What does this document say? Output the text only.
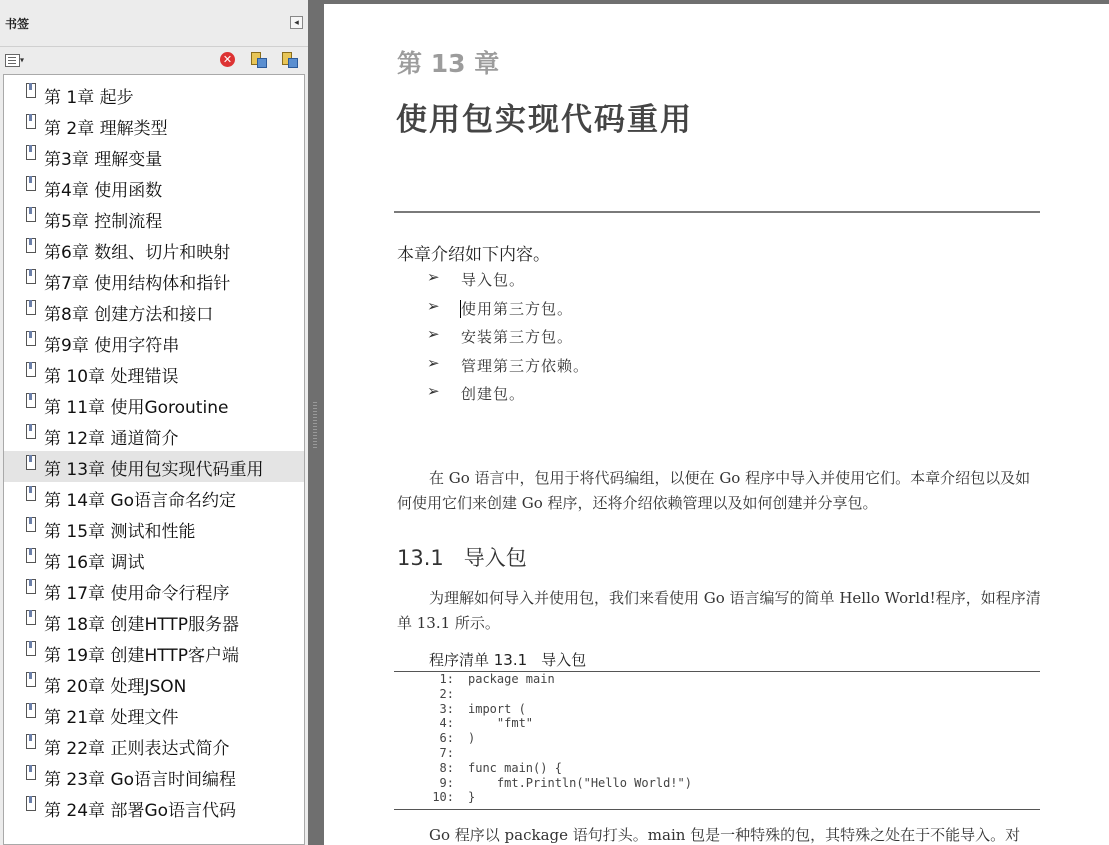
书签	◂
▾	✕
第 1章 起步
第 2章 理解类型
第3章 理解变量
第4章 使用函数
第5章 控制流程
第6章 数组、切片和映射
第7章 使用结构体和指针
第8章 创建方法和接口
第9章 使用字符串
第 10章 处理错误
第 11章 使用Goroutine
第 12章 通道简介
第 13章 使用包实现代码重用
第 14章 Go语言命名约定
第 15章 测试和性能
第 16章 调试
第 17章 使用命令行程序
第 18章 创建HTTP服务器
第 19章 创建HTTP客户端
第 20章 处理JSON
第 21章 处理文件
第 22章 正则表达式简介
第 23章 Go语言时间编程
第 24章 部署Go语言代码
第 13 章
使用包实现代码重用
本章介绍如下内容。
➢ 导入包。
➢ 使用第三方包。
➢ 安装第三方包。
➢ 管理第三方依赖。
➢ 创建包。
在 Go 语言中，包用于将代码编组，以便在 Go 程序中导入并使用它们。本章介绍包以及如何使用它们来创建 Go 程序，还将介绍依赖管理以及如何创建并分享包。
13.1 导入包
为理解如何导入并使用包，我们来看使用 Go 语言编写的简单 Hello World!程序，如程序清单 13.1 所示。
程序清单 13.1 导入包
1: package main
2:
3: import (
4:    "fmt"
6: )
7:
8: func main() {
9:    fmt.Println("Hello World!")
10: }
Go 程序以 package 语句打头。main 包是一种特殊的包，其特殊之处在于不能导入。对
